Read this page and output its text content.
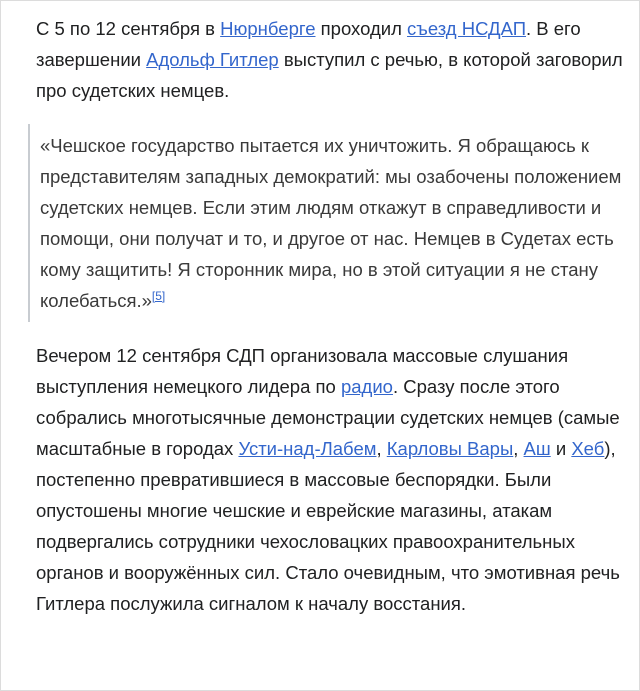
С 5 по 12 сентября в Нюрнберге проходил съезд НСДАП. В его завершении Адольф Гитлер выступил с речью, в которой заговорил про судетских немцев.

«Чешское государство пытается их уничтожить. Я обращаюсь к представителям западных демократий: мы озабочены положением судетских немцев. Если этим людям откажут в справедливости и помощи, они получат и то, и другое от нас. Немцев в Судетах есть кому защитить! Я сторонник мира, но в этой ситуации я не стану колебаться.»[5]

Вечером 12 сентября СДП организовала массовые слушания выступления немецкого лидера по радио. Сразу после этого собрались многотысячные демонстрации судетских немцев (самые масштабные в городах Усти-над-Лабем, Карловы Вары, Аш и Хеб), постепенно превратившиеся в массовые беспорядки. Были опустошены многие чешские и еврейские магазины, атакам подвергались сотрудники чехословацких правоохранительных органов и вооружённых сил. Стало очевидным, что эмотивная речь Гитлера послужила сигналом к началу восстания.
